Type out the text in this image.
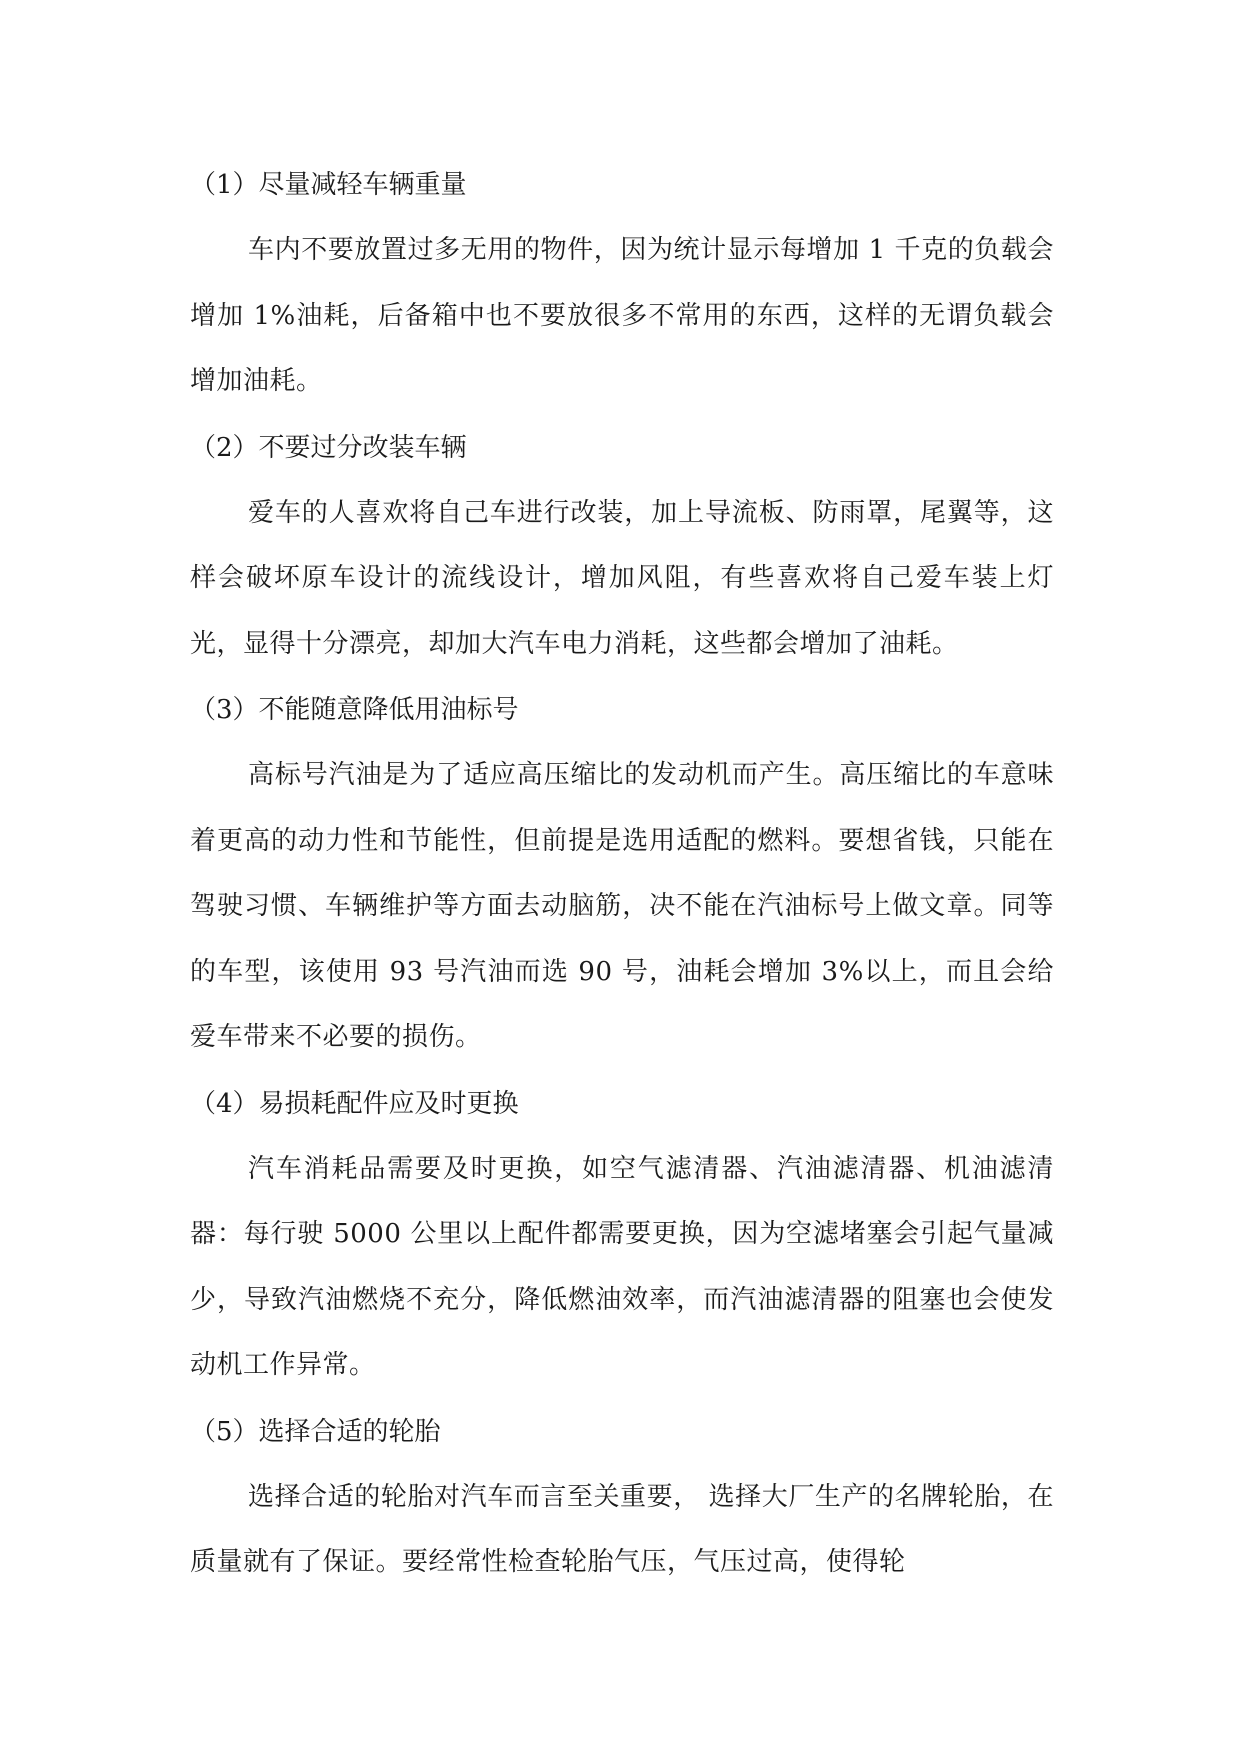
（1）尽量减轻车辆重量

车内不要放置过多无用的物件，因为统计显示每增加 1 千克的负载会增加 1%油耗，后备箱中也不要放很多不常用的东西，这样的无谓负载会增加油耗。

（2）不要过分改装车辆

爱车的人喜欢将自己车进行改装，加上导流板、防雨罩，尾翼等，这样会破坏原车设计的流线设计，增加风阻，有些喜欢将自己爱车装上灯光，显得十分漂亮，却加大汽车电力消耗，这些都会增加了油耗。

（3）不能随意降低用油标号

高标号汽油是为了适应高压缩比的发动机而产生。高压缩比的车意味着更高的动力性和节能性，但前提是选用适配的燃料。要想省钱，只能在驾驶习惯、车辆维护等方面去动脑筋，决不能在汽油标号上做文章。同等的车型，该使用 93 号汽油而选 90 号，油耗会增加 3%以上，而且会给爱车带来不必要的损伤。

（4）易损耗配件应及时更换

汽车消耗品需要及时更换，如空气滤清器、汽油滤清器、机油滤清器：每行驶 5000 公里以上配件都需要更换，因为空滤堵塞会引起气量减少，导致汽油燃烧不充分，降低燃油效率，而汽油滤清器的阻塞也会使发动机工作异常。

（5）选择合适的轮胎

选择合适的轮胎对汽车而言至关重要， 选择大厂生产的名牌轮胎，在质量就有了保证。要经常性检查轮胎气压，气压过高，使得轮
